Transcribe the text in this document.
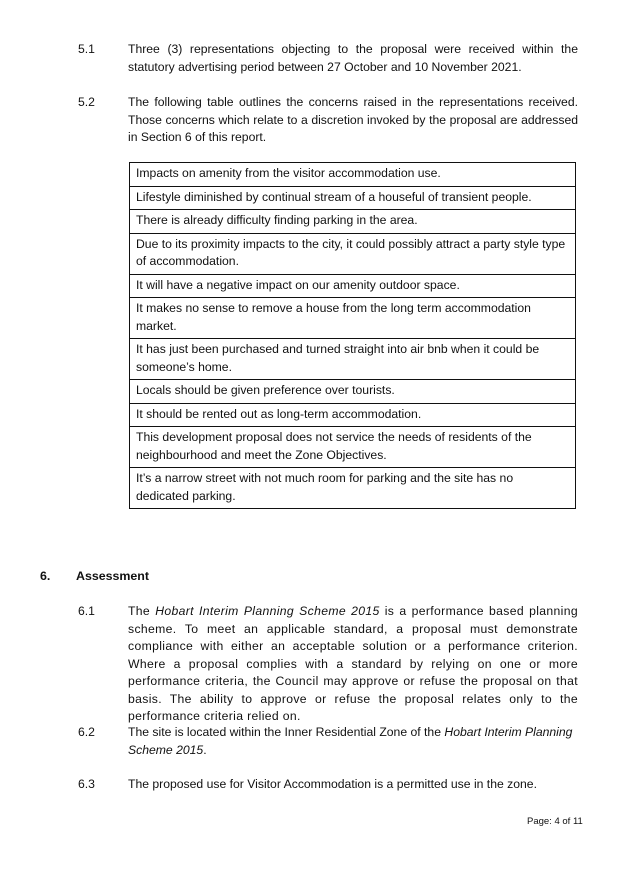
5.1	Three (3) representations objecting to the proposal were received within the statutory advertising period between 27 October and 10 November 2021.
5.2	The following table outlines the concerns raised in the representations received. Those concerns which relate to a discretion invoked by the proposal are addressed in Section 6 of this report.
Impacts on amenity from the visitor accommodation use.
Lifestyle diminished by continual stream of a houseful of transient people.
There is already difficulty finding parking in the area.
Due to its proximity impacts to the city, it could possibly attract a party style type of accommodation.
It will have a negative impact on our amenity outdoor space.
It makes no sense to remove a house from the long term accommodation market.
It has just been purchased and turned straight into air bnb when it could be someone’s home.
Locals should be given preference over tourists.
It should be rented out as long-term accommodation.
This development proposal does not service the needs of residents of the neighbourhood and meet the Zone Objectives.
It’s a narrow street with not much room for parking and the site has no dedicated parking.
6. Assessment
6.1	The Hobart Interim Planning Scheme 2015 is a performance based planning scheme. To meet an applicable standard, a proposal must demonstrate compliance with either an acceptable solution or a performance criterion. Where a proposal complies with a standard by relying on one or more performance criteria, the Council may approve or refuse the proposal on that basis. The ability to approve or refuse the proposal relates only to the performance criteria relied on.
6.2	The site is located within the Inner Residential Zone of the Hobart Interim Planning Scheme 2015.
6.3	The proposed use for Visitor Accommodation is a permitted use in the zone.
Page: 4 of 11
